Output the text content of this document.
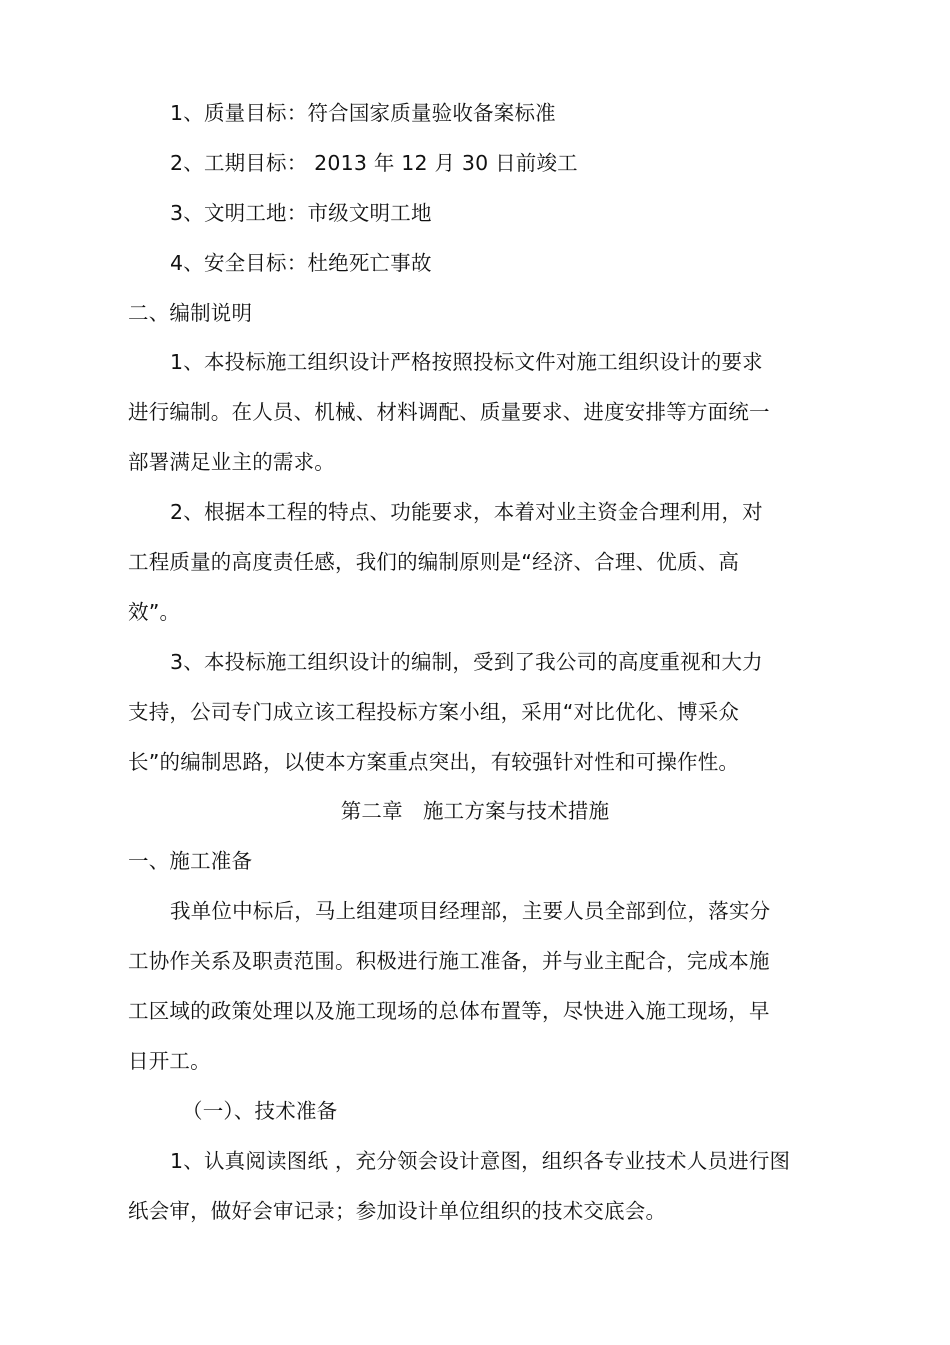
1、质量目标：符合国家质量验收备案标准

2、工期目标： 2013 年 12 月 30 日前竣工

3、文明工地：市级文明工地

4、安全目标：杜绝死亡事故

二、编制说明

1、本投标施工组织设计严格按照投标文件对施工组织设计的要求

进行编制。在人员、机械、材料调配、质量要求、进度安排等方面统一

部署满足业主的需求。

2、根据本工程的特点、功能要求，本着对业主资金合理利用，对

工程质量的高度责任感，我们的编制原则是“经济、合理、优质、高

效”。

3、本投标施工组织设计的编制，受到了我公司的高度重视和大力

支持，公司专门成立该工程投标方案小组，采用“对比优化、博采众

长”的编制思路，以使本方案重点突出，有较强针对性和可操作性。

第二章   施工方案与技术措施

一、施工准备

我单位中标后，马上组建项目经理部，主要人员全部到位，落实分

工协作关系及职责范围。积极进行施工准备，并与业主配合，完成本施

工区域的政策处理以及施工现场的总体布置等，尽快进入施工现场，早

日开工。

（一）、技术准备

1、认真阅读图纸 ，充分领会设计意图，组织各专业技术人员进行图

纸会审，做好会审记录；参加设计单位组织的技术交底会。
